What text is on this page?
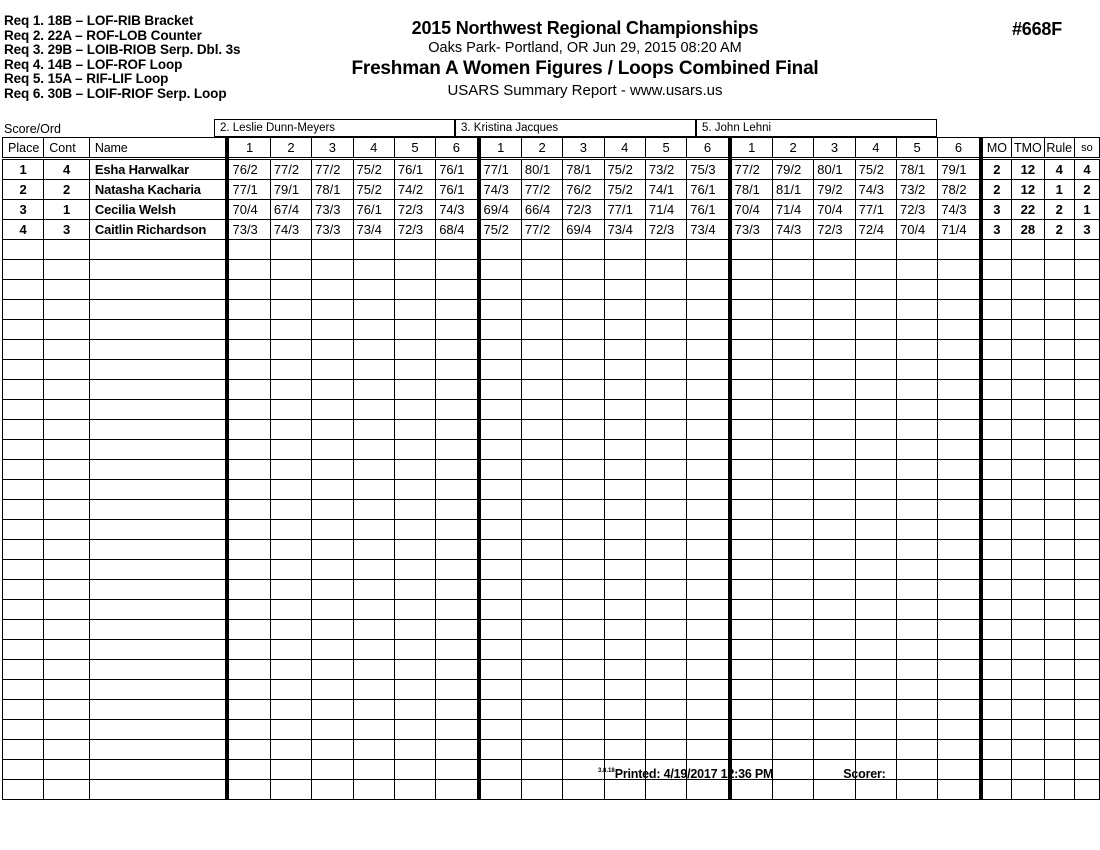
Req 1. 18B – LOF-RIB Bracket
Req 2. 22A – ROF-LOB Counter
Req 3. 29B – LOIB-RIOB Serp. Dbl. 3s
Req 4. 14B – LOF-ROF Loop
Req 5. 15A – RIF-LIF Loop
Req 6. 30B – LOIF-RIOF Serp. Loop
2015 Northwest Regional Championships
Oaks Park- Portland, OR Jun 29, 2015 08:20 AM
Freshman A Women Figures / Loops Combined Final
USARS Summary Report - www.usars.us
#668F
Score/Ord	2. Leslie Dunn-Meyers	3. Kristina Jacques	5. John Lehni
Place	Cont	Name	1	2	3	4	5	6	1	2	3	4	5	6	1	2	3	4	5	6	MO	TMO	Rule	so
1	4	Esha Harwalkar	76/2	77/2	77/2	75/2	76/1	76/1	77/1	80/1	78/1	75/2	73/2	75/3	77/2	79/2	80/1	75/2	78/1	79/1	2	12	4	4
2	2	Natasha Kacharia	77/1	79/1	78/1	75/2	74/2	76/1	74/3	77/2	76/2	75/2	74/1	76/1	78/1	81/1	79/2	74/3	73/2	78/2	2	12	1	2
3	1	Cecilia Welsh	70/4	67/4	73/3	76/1	72/3	74/3	69/4	66/4	72/3	77/1	71/4	76/1	70/4	71/4	70/4	77/1	72/3	74/3	3	22	2	1
4	3	Caitlin Richardson	73/3	74/3	73/3	73/4	72/3	68/4	75/2	77/2	69/4	73/4	72/3	73/4	73/3	74/3	72/3	72/4	70/4	71/4	3	28	2	3

$^{3.8.18}$Printed: 4/19/2017 12:36 PM	Scorer:
